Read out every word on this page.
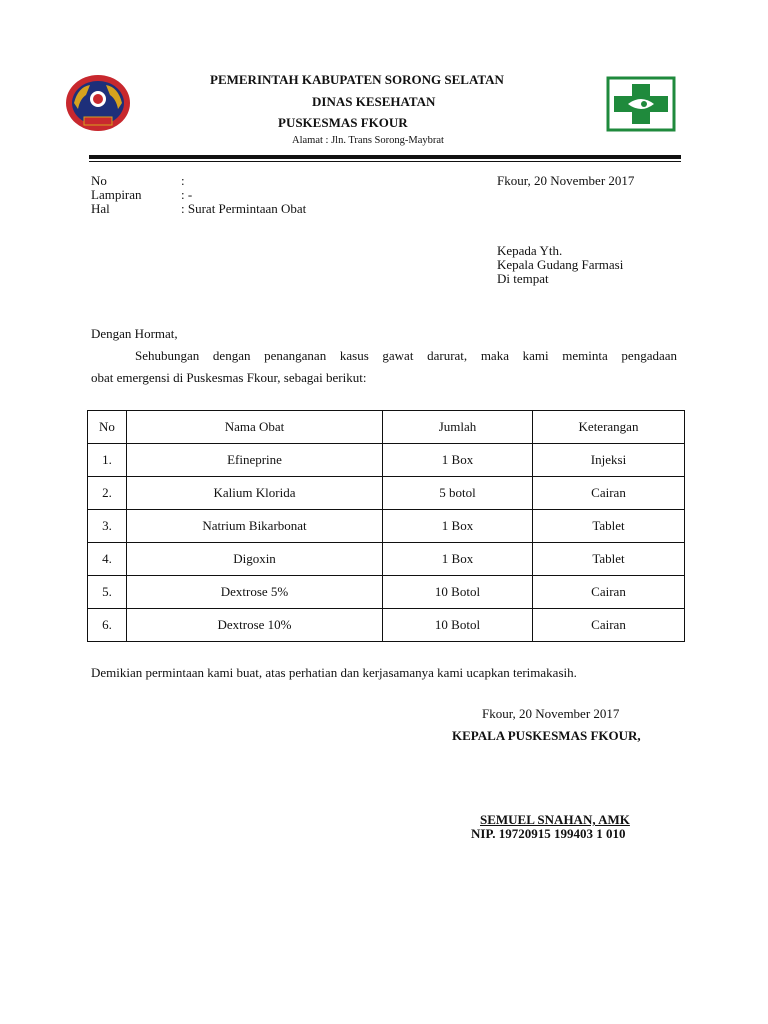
PEMERINTAH KABUPATEN SORONG SELATAN
DINAS KESEHATAN
PUSKESMAS FKOUR
Alamat : Jln. Trans Sorong-Maybrat
No	:
Lampiran	: -
Hal	: Surat Permintaan Obat
Fkour, 20 November 2017
Kepada Yth.
Kepala Gudang Farmasi
Di tempat
Dengan Hormat,
Sehubungan dengan penanganan kasus gawat darurat, maka kami meminta pengadaan
obat emergensi di Puskesmas Fkour, sebagai berikut:
No	Nama Obat	Jumlah	Keterangan
1.	Efineprine	1 Box	Injeksi
2.	Kalium Klorida	5 botol	Cairan
3.	Natrium Bikarbonat	1 Box	Tablet
4.	Digoxin	1 Box	Tablet
5.	Dextrose 5%	10 Botol	Cairan
6.	Dextrose 10%	10 Botol	Cairan
Demikian permintaan kami buat, atas perhatian dan kerjasamanya kami ucapkan terimakasih.
Fkour, 20 November 2017
KEPALA PUSKESMAS FKOUR,
SEMUEL SNAHAN, AMK
NIP. 19720915 199403 1 010
